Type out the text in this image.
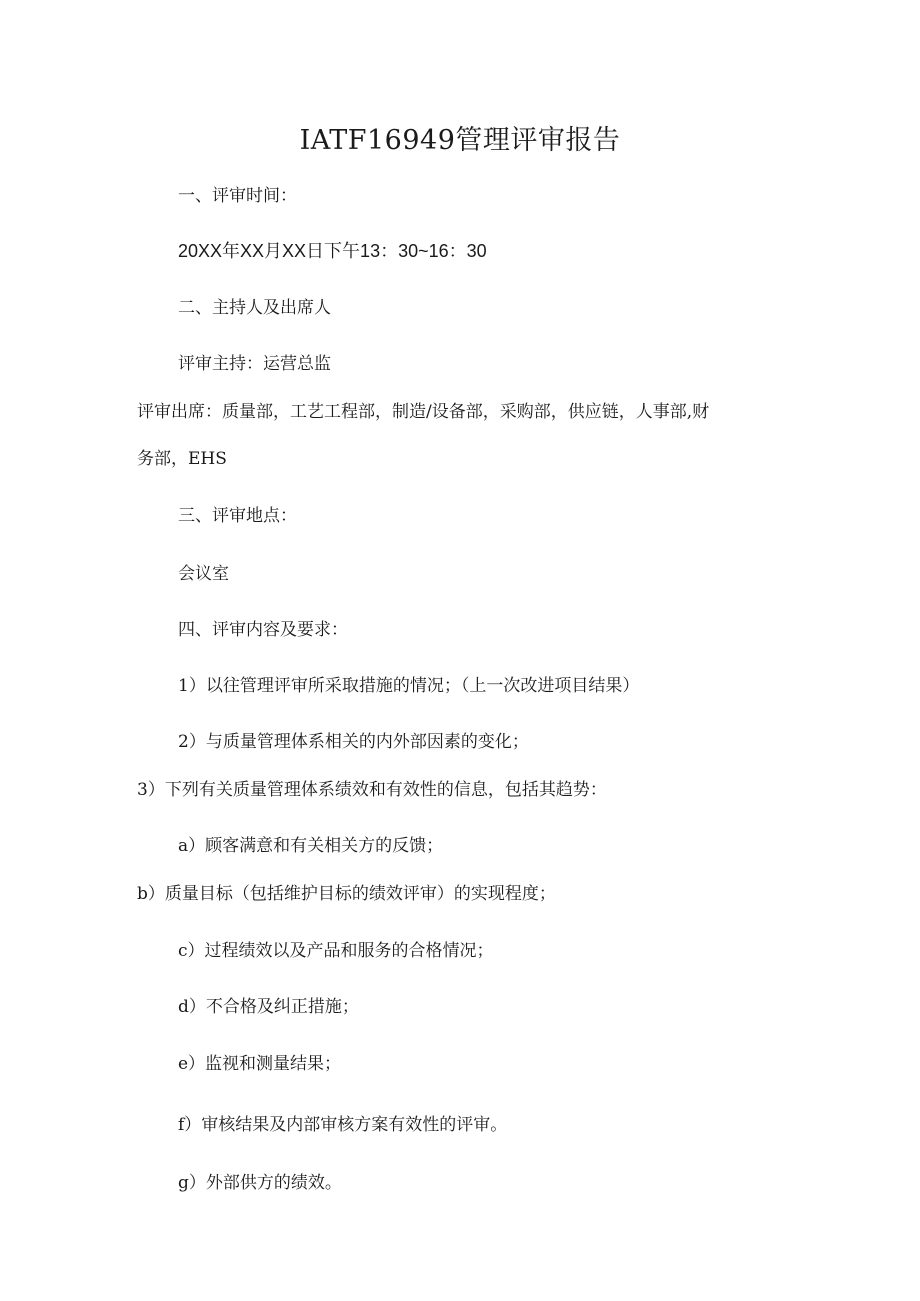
IATF16949管理评审报告
一、评审时间：
20XX年XX月XX日下午13：30~16：30
二、主持人及出席人
评审主持：运营总监
评审出席：质量部，工艺工程部，制造/设备部，采购部，供应链，人事部,财
务部，EHS
三、评审地点：
会议室
四、评审内容及要求：
1）以往管理评审所采取措施的情况；（上一次改进项目结果）
2）与质量管理体系相关的内外部因素的变化；
3）下列有关质量管理体系绩效和有效性的信息，包括其趋势：
a）顾客满意和有关相关方的反馈；
b）质量目标（包括维护目标的绩效评审）的实现程度；
c）过程绩效以及产品和服务的合格情况；
d）不合格及纠正措施；
e）监视和测量结果；
f）审核结果及内部审核方案有效性的评审。
g）外部供方的绩效。
